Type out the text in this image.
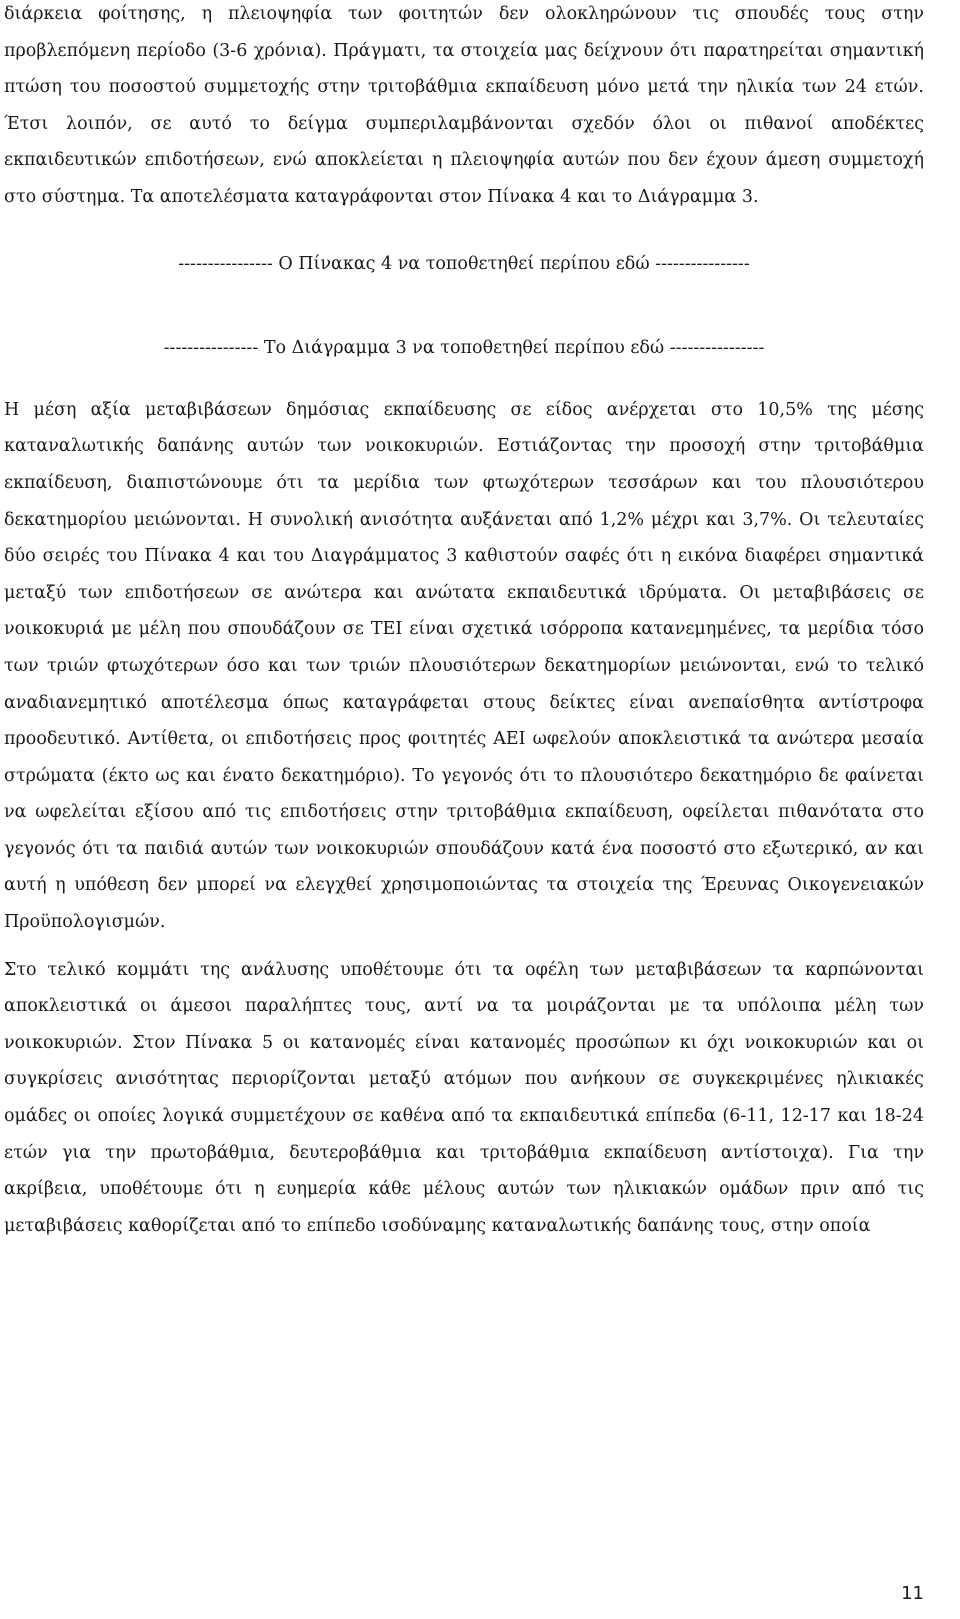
διάρκεια φοίτησης, η πλειοψηφία των φοιτητών δεν ολοκληρώνουν τις σπουδές τους στην προβλεπόμενη περίοδο (3-6 χρόνια). Πράγματι, τα στοιχεία μας δείχνουν ότι παρατηρείται σημαντική πτώση του ποσοστού συμμετοχής στην τριτοβάθμια εκπαίδευση μόνο μετά την ηλικία των 24 ετών. Έτσι λοιπόν, σε αυτό το δείγμα συμπεριλαμβάνονται σχεδόν όλοι οι πιθανοί αποδέκτες εκπαιδευτικών επιδοτήσεων, ενώ αποκλείεται η πλειοψηφία αυτών που δεν έχουν άμεση συμμετοχή στο σύστημα. Τα αποτελέσματα καταγράφονται στον Πίνακα 4 και το Διάγραμμα 3.

---------------- Ο Πίνακας 4 να τοποθετηθεί περίπου εδώ ----------------

---------------- Το Διάγραμμα 3 να τοποθετηθεί περίπου εδώ ----------------

Η μέση αξία μεταβιβάσεων δημόσιας εκπαίδευσης σε είδος ανέρχεται στο 10,5% της μέσης καταναλωτικής δαπάνης αυτών των νοικοκυριών. Εστιάζοντας την προσοχή στην τριτοβάθμια εκπαίδευση, διαπιστώνουμε ότι τα μερίδια των φτωχότερων τεσσάρων και του πλουσιότερου δεκατημορίου μειώνονται. Η συνολική ανισότητα αυξάνεται από 1,2% μέχρι και 3,7%. Οι τελευταίες δύο σειρές του Πίνακα 4 και του Διαγράμματος 3 καθιστούν σαφές ότι η εικόνα διαφέρει σημαντικά μεταξύ των επιδοτήσεων σε ανώτερα και ανώτατα εκπαιδευτικά ιδρύματα. Οι μεταβιβάσεις σε νοικοκυριά με μέλη που σπουδάζουν σε ΤΕΙ είναι σχετικά ισόρροπα κατανεμημένες, τα μερίδια τόσο των τριών φτωχότερων όσο και των τριών πλουσιότερων δεκατημορίων μειώνονται, ενώ το τελικό αναδιανεμητικό αποτέλεσμα όπως καταγράφεται στους δείκτες είναι ανεπαίσθητα αντίστροφα προοδευτικό. Αντίθετα, οι επιδοτήσεις προς φοιτητές ΑΕΙ ωφελούν αποκλειστικά τα ανώτερα μεσαία στρώματα (έκτο ως και ένατο δεκατημόριο). Το γεγονός ότι το πλουσιότερο δεκατημόριο δε φαίνεται να ωφελείται εξίσου από τις επιδοτήσεις στην τριτοβάθμια εκπαίδευση, οφείλεται πιθανότατα στο γεγονός ότι τα παιδιά αυτών των νοικοκυριών σπουδάζουν κατά ένα ποσοστό στο εξωτερικό, αν και αυτή η υπόθεση δεν μπορεί να ελεγχθεί χρησιμοποιώντας τα στοιχεία της Έρευνας Οικογενειακών Προϋπολογισμών.

Στο τελικό κομμάτι της ανάλυσης υποθέτουμε ότι τα οφέλη των μεταβιβάσεων τα καρπώνονται αποκλειστικά οι άμεσοι παραλήπτες τους, αντί να τα μοιράζονται με τα υπόλοιπα μέλη των νοικοκυριών. Στον Πίνακα 5 οι κατανομές είναι κατανομές προσώπων κι όχι νοικοκυριών και οι συγκρίσεις ανισότητας περιορίζονται μεταξύ ατόμων που ανήκουν σε συγκεκριμένες ηλικιακές ομάδες οι οποίες λογικά συμμετέχουν σε καθένα από τα εκπαιδευτικά επίπεδα (6-11, 12-17 και 18-24 ετών για την πρωτοβάθμια, δευτεροβάθμια και τριτοβάθμια εκπαίδευση αντίστοιχα). Για την ακρίβεια, υποθέτουμε ότι η ευημερία κάθε μέλους αυτών των ηλικιακών ομάδων πριν από τις μεταβιβάσεις καθορίζεται από το επίπεδο ισοδύναμης καταναλωτικής δαπάνης τους, στην οποία

11
